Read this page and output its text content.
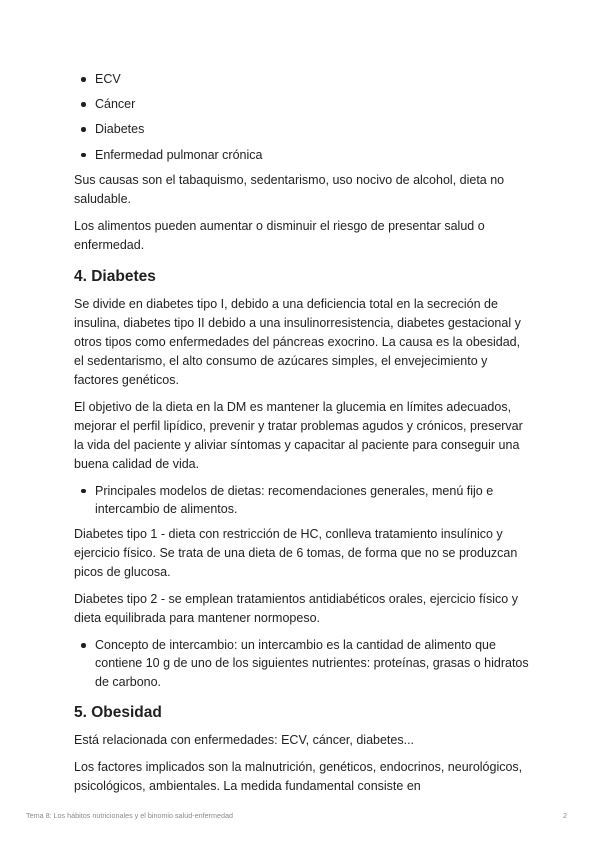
ECV
Cáncer
Diabetes
Enfermedad pulmonar crónica

Sus causas son el tabaquismo, sedentarismo, uso nocivo de alcohol, dieta no saludable.

Los alimentos pueden aumentar o disminuir el riesgo de presentar salud o enfermedad.

4. Diabetes

Se divide en diabetes tipo I, debido a una deficiencia total en la secreción de insulina, diabetes tipo II debido a una insulinorresistencia, diabetes gestacional y otros tipos como enfermedades del páncreas exocrino. La causa es la obesidad, el sedentarismo, el alto consumo de azúcares simples, el envejecimiento y factores genéticos.

El objetivo de la dieta en la DM es mantener la glucemia en límites adecuados, mejorar el perfil lipídico, prevenir y tratar problemas agudos y crónicos, preservar la vida del paciente y aliviar síntomas y capacitar al paciente para conseguir una buena calidad de vida.

Principales modelos de dietas: recomendaciones generales, menú fijo e intercambio de alimentos.

Diabetes tipo 1 - dieta con restricción de HC, conlleva tratamiento insulínico y ejercicio físico. Se trata de una dieta de 6 tomas, de forma que no se produzcan picos de glucosa.

Diabetes tipo 2 - se emplean tratamientos antidiabéticos orales, ejercicio físico y dieta equilibrada para mantener normopeso.

Concepto de intercambio: un intercambio es la cantidad de alimento que contiene 10 g de uno de los siguientes nutrientes: proteínas, grasas o hidratos de carbono.
5. Obesidad

Está relacionada con enfermedades: ECV, cáncer, diabetes...

Los factores implicados son la malnutrición, genéticos, endocrinos, neurológicos, psicológicos, ambientales. La medida fundamental consiste en

Tema 8: Los hábitos nutricionales y el binomio salud-enfermedad	2
